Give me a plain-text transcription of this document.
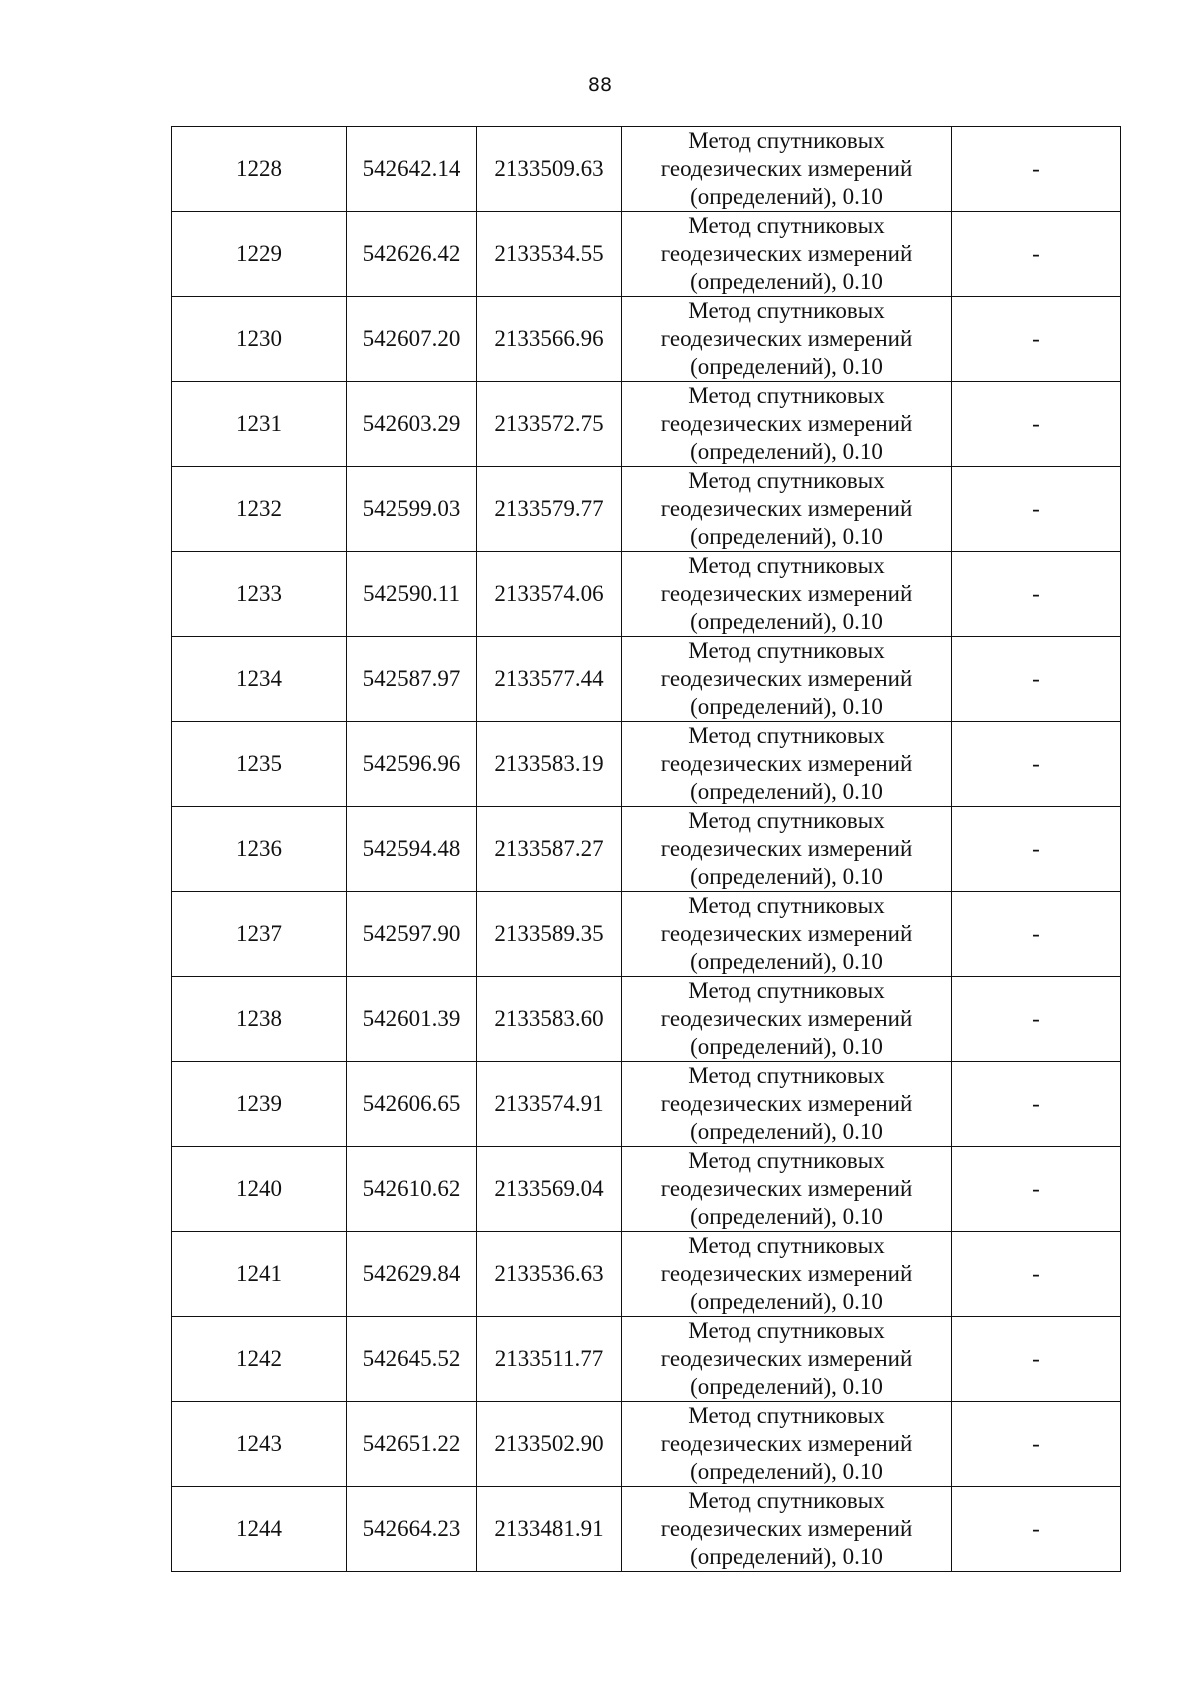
88
1228	542642.14	2133509.63	Метод спутниковых
геодезических измерений
(определений), 0.10	-
1229	542626.42	2133534.55	Метод спутниковых
геодезических измерений
(определений), 0.10	-
1230	542607.20	2133566.96	Метод спутниковых
геодезических измерений
(определений), 0.10	-
1231	542603.29	2133572.75	Метод спутниковых
геодезических измерений
(определений), 0.10	-
1232	542599.03	2133579.77	Метод спутниковых
геодезических измерений
(определений), 0.10	-
1233	542590.11	2133574.06	Метод спутниковых
геодезических измерений
(определений), 0.10	-
1234	542587.97	2133577.44	Метод спутниковых
геодезических измерений
(определений), 0.10	-
1235	542596.96	2133583.19	Метод спутниковых
геодезических измерений
(определений), 0.10	-
1236	542594.48	2133587.27	Метод спутниковых
геодезических измерений
(определений), 0.10	-
1237	542597.90	2133589.35	Метод спутниковых
геодезических измерений
(определений), 0.10	-
1238	542601.39	2133583.60	Метод спутниковых
геодезических измерений
(определений), 0.10	-
1239	542606.65	2133574.91	Метод спутниковых
геодезических измерений
(определений), 0.10	-
1240	542610.62	2133569.04	Метод спутниковых
геодезических измерений
(определений), 0.10	-
1241	542629.84	2133536.63	Метод спутниковых
геодезических измерений
(определений), 0.10	-
1242	542645.52	2133511.77	Метод спутниковых
геодезических измерений
(определений), 0.10	-
1243	542651.22	2133502.90	Метод спутниковых
геодезических измерений
(определений), 0.10	-
1244	542664.23	2133481.91	Метод спутниковых
геодезических измерений
(определений), 0.10	-
